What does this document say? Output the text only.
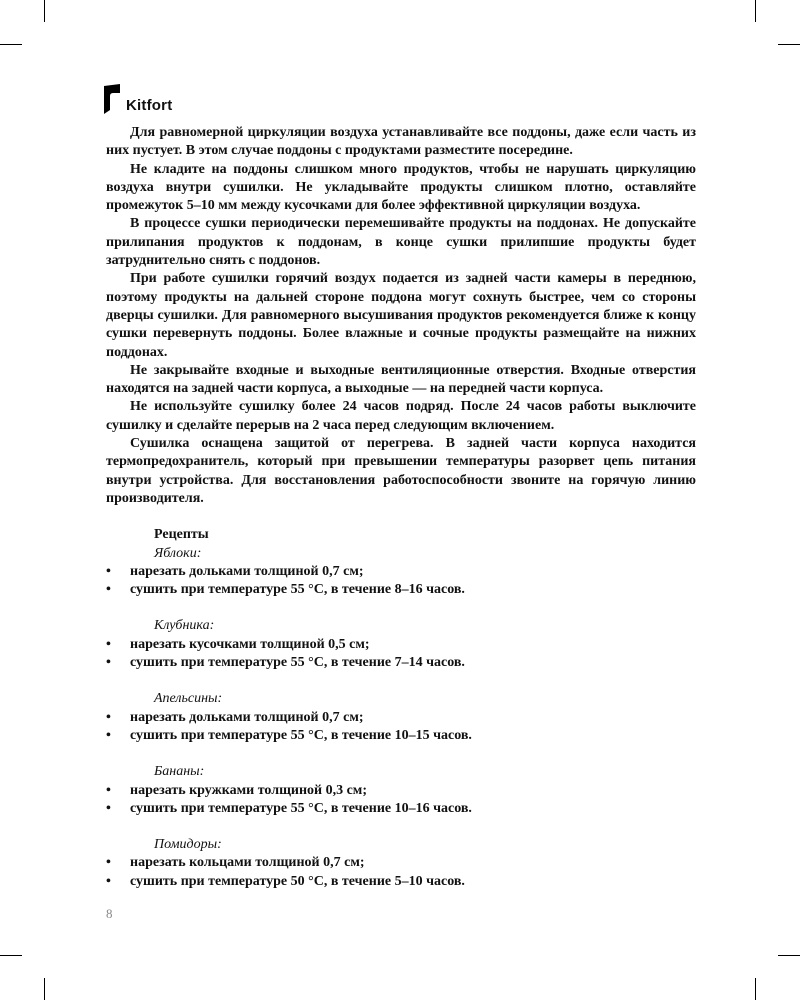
Kitfort

Для равномерной циркуляции воздуха устанавливайте все поддоны, даже если часть из них пустует. В этом случае поддоны с продуктами разместите посередине.

Не кладите на поддоны слишком много продуктов, чтобы не нарушать циркуляцию воздуха внутри сушилки. Не укладывайте продукты слишком плотно, оставляйте промежуток 5–10 мм между кусочками для более эффективной циркуляции воздуха.

В процессе сушки периодически перемешивайте продукты на поддонах. Не допускайте прилипания продуктов к поддонам, в конце сушки прилипшие продукты будет затруднительно снять с поддонов.

При работе сушилки горячий воздух подается из задней части камеры в переднюю, поэтому продукты на дальней стороне поддона могут сохнуть быстрее, чем со стороны дверцы сушилки. Для равномерного высушивания продуктов рекомендуется ближе к концу сушки перевернуть поддоны. Более влажные и сочные продукты размещайте на нижних поддонах.

Не закрывайте входные и выходные вентиляционные отверстия. Входные отверстия находятся на задней части корпуса, а выходные — на передней части корпуса.

Не используйте сушилку более 24 часов подряд. После 24 часов работы выключите сушилку и сделайте перерыв на 2 часа перед следующим включением.

Сушилка оснащена защитой от перегрева. В задней части корпуса находится термопредохранитель, который при превышении температуры разорвет цепь питания внутри устройства. Для восстановления работоспособности звоните на горячую линию производителя.

Рецепты

Яблоки:

• нарезать дольками толщиной 0,7 см;
• сушить при температуре 55 °C, в течение 8–16 часов.

Клубника:

• нарезать кусочками толщиной 0,5 см;
• сушить при температуре 55 °C, в течение 7–14 часов.

Апельсины:

• нарезать дольками толщиной 0,7 см;
• сушить при температуре 55 °C, в течение 10–15 часов.

Бананы:

• нарезать кружками толщиной 0,3 см;
• сушить при температуре 55 °C, в течение 10–16 часов.

Помидоры:

• нарезать кольцами толщиной 0,7 см;
• сушить при температуре 50 °C, в течение 5–10 часов.
8
